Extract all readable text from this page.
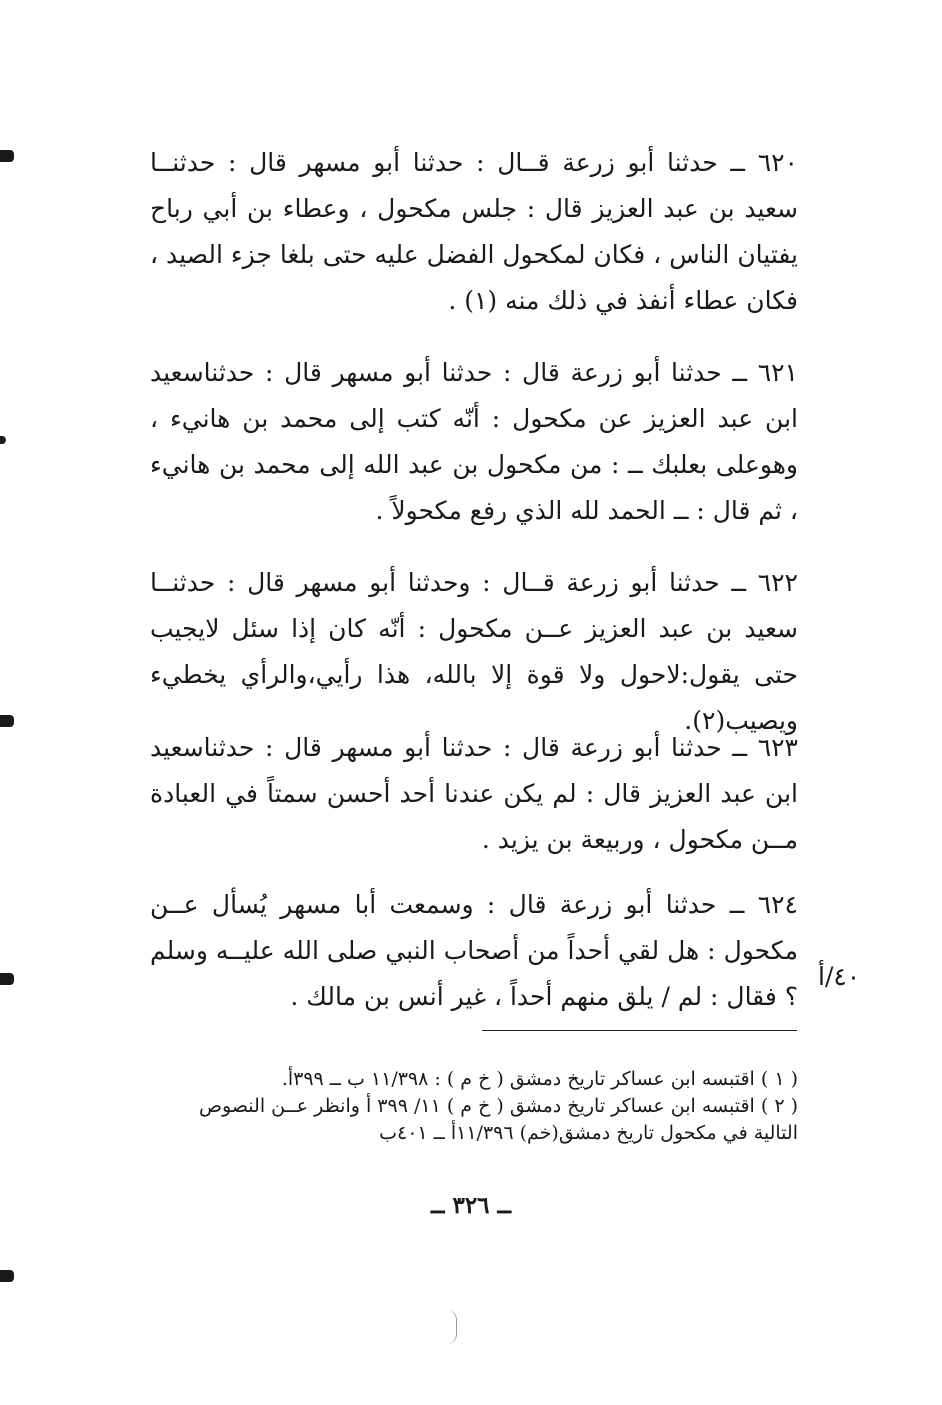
٦٢٠ ــ حدثنا أبو زرعة قــال : حدثنا أبو مسهر قال : حدثنــا سعيد بن عبد العزيز قال : جلس مكحول ، وعطاء بن أبي رباح يفتيان الناس ، فكان لمكحول الفضل عليه حتى بلغا جزء الصيد ، فكان عطاء أنفذ في ذلك منه (١) .

٦٢١ ــ حدثنا أبو زرعة قال : حدثنا أبو مسهر قال : حدثناسعيد ابن عبد العزيز عن مكحول : أنّه كتب إلى محمد بن هانيء ، وهوعلى بعلبك ــ : من مكحول بن عبد الله إلى محمد بن هانيء ، ثم قال : ــ الحمد لله الذي رفع مكحولاً .

٦٢٢ ــ حدثنا أبو زرعة قــال : وحدثنا أبو مسهر قال : حدثنــا سعيد بن عبد العزيز عــن مكحول : أنّه كان إذا سئل لايجيب حتى يقول:لاحول ولا قوة إلا بالله، هذا رأيي،والرأي يخطيء ويصيب(٢).

٦٢٣ ــ حدثنا أبو زرعة قال : حدثنا أبو مسهر قال : حدثناسعيد ابن عبد العزيز قال : لم يكن عندنا أحد أحسن سمتاً في العبادة مــن مكحول ، وربيعة بن يزيد .

٦٢٤ ــ حدثنا أبو زرعة قال : وسمعت أبا مسهر يُسأل عــن مكحول : هل لقي أحداً من أصحاب النبي صلى الله عليــه وسلم ؟ فقال : لم / يلق منهم أحداً ، غير أنس بن مالك .

٤٠/أ

( ١ ) اقتبسه ابن عساكر تاريخ دمشق ( خ م ) : ١١/٣٩٨ ب ــ ٣٩٩أ.

( ٢ ) اقتبسه ابن عساكر تاريخ دمشق ( خ م ) ١١/ ٣٩٩ أ وانظر عــن النصوص التالية في مكحول تاريخ دمشق(خم) ١١/٣٩٦أ ــ ٤٠١ب

ــ ٣٢٦ ــ
